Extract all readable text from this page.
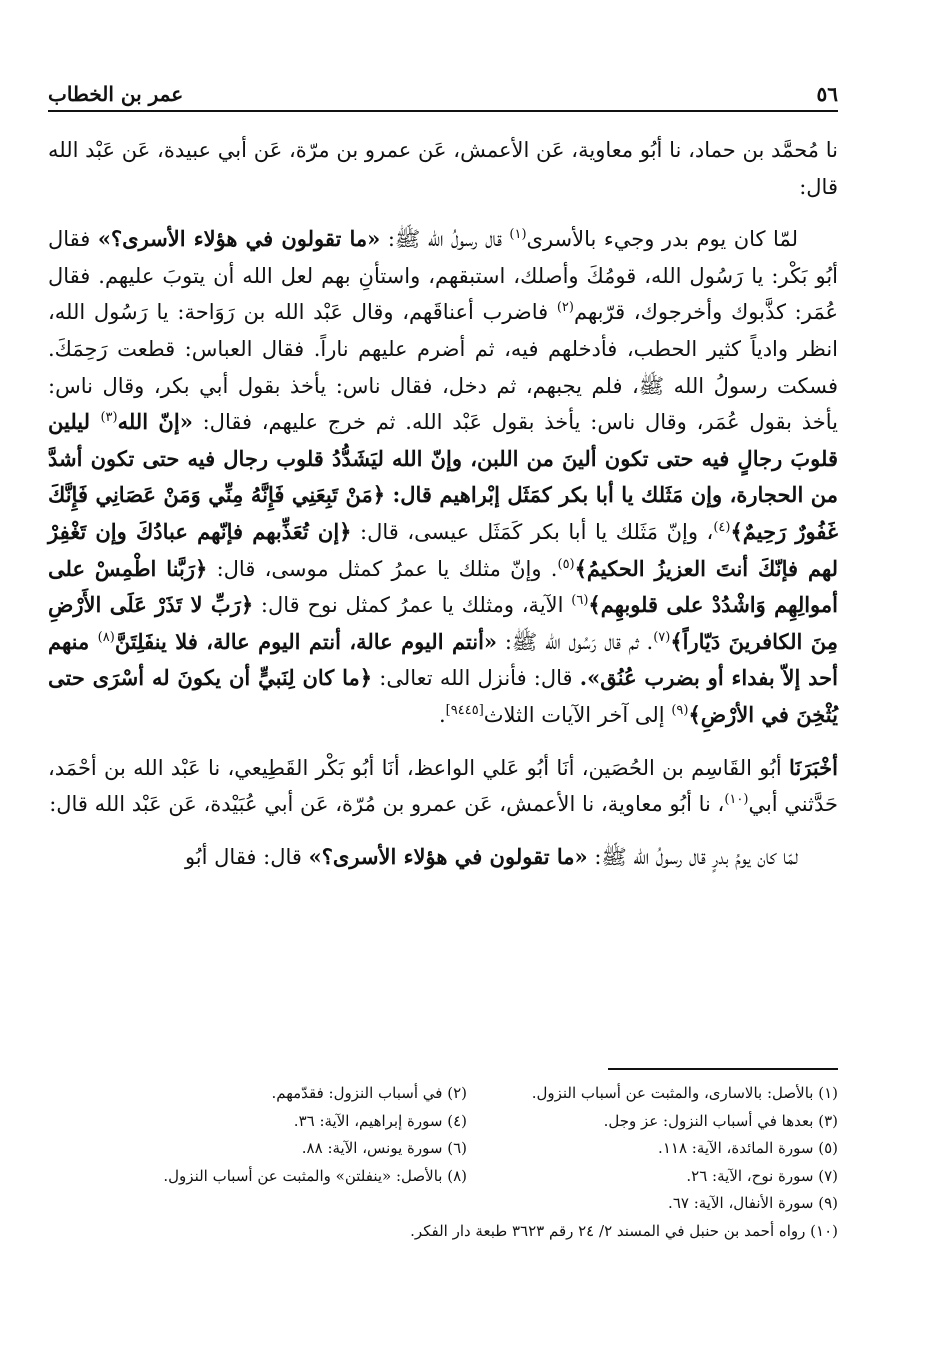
٥٦
عمر بن الخطاب

نا مُحمَّد بن حماد، نا أبُو معاوية، عَن الأعمش، عَن عمرو بن مرّة، عَن أبي عبيدة، عَن عَبْد الله قال:

لمّا كان يوم بدر وجيء بالأسرى$^{(١)}$ قال رسولُ الله ﷺ: «ما تقولون في هؤلاء الأسرى؟» فقال أبُو بَكْر: يا رَسُول الله، قومُكَ وأصلك، استبقهم، واستأنِ بهم لعل الله أن يتوبَ عليهم. فقال عُمَر: كذَّبوك وأخرجوك، قرّبهم$^{(٢)}$ فاضرب أعناقَهم، وقال عَبْد الله بن رَوَاحة: يا رَسُول الله، انظر وادياً كثير الحطب، فأدخلهم فيه، ثم أضرم عليهم ناراً. فقال العباس: قطعت رَحِمَكَ. فسكت رسولُ الله ﷺ، فلم يجبهم، ثم دخل، فقال ناس: يأخذ بقول أبي بكر، وقال ناس: يأخذ بقول عُمَر، وقال ناس: يأخذ بقول عَبْد الله. ثم خرج عليهم، فقال: «إنّ الله$^{(٣)}$ ليلين قلوبَ رجالٍ فيه حتى تكون ألينَ من اللبن، وإنّ الله ليَشَدُّدُ قلوب رجال فيه حتى تكون أشدَّ من الحجارة، وإن مَثَلك يا أبا بكر كمَثَل إبْراهيم قال: ﴿مَنْ تَبِعَنِي فَإِنَّهُ مِنِّي وَمَنْ عَصَانِي فَإِنَّكَ غَفُورٌ رَحِيمٌ﴾$^{(٤)}$، وإنّ مَثَلك يا أبا بكر كَمَثَل عيسى، قال: ﴿إن تُعَذِّبهم فإنّهم عبادُكَ وإن تَغْفِرْ لهم فإنّكَ أنتَ العزيزُ الحكيمُ﴾$^{(٥)}$. وإنّ مثلك يا عمرُ كمثل موسى، قال: ﴿رَبَّنا اطْمِسْ على أموالِهِم وَاشْدُدْ على قلوبهِم﴾$^{(٦)}$ الآية، ومثلك يا عمرُ كمثل نوح قال: ﴿رَبِّ لا تَذَرْ عَلَى الأَرْضِ مِنَ الكافرينَ دَيّاراً﴾$^{(٧)}$. ثم قال رَسُول الله ﷺ: «أنتم اليوم عالة، أنتم اليوم عالة، فلا ينفَلِتَنَّ$^{(٨)}$ منهم أحد إلاّ بفداء أو بضرب عُنُق». قال: فأنزل الله تعالى: ﴿ما كان لِنَبيٍّ أن يكونَ له أسْرَى حتى يُثْخِنَ في الأرْضِ﴾$^{(٩)}$ إلى آخر الآيات الثلاث[٩٤٤٥].

أخْبَرَنَا أبُو القَاسِم بن الحُصَين، أنَا أبُو عَلي الواعظ، أنَا أبُو بَكْر القَطِيعي، نا عَبْد الله بن أحْمَد، حَدَّثني أبي$^{(١٠)}$، نا أبُو معاوية، نا الأعمش، عَن عمرو بن مُرّة، عَن أبي عُبَيْدة، عَن عَبْد الله قال:

لمّا كان يومُ بدرٍ قال رسولُ الله ﷺ: «ما تقولون في هؤلاء الأسرى؟» قال: فقال أبُو

(١) بالأصل: بالاسارى، والمثبت عن أسباب النزول.
(٢) في أسباب النزول: فقدّمهم.
(٣) بعدها في أسباب النزول: عز وجل.
(٤) سورة إبراهيم، الآية: ٣٦.
(٥) سورة المائدة، الآية: ١١٨.
(٦) سورة يونس، الآية: ٨٨.
(٧) سورة نوح، الآية: ٢٦.
(٨) بالأصل: «ينفلتن» والمثبت عن أسباب النزول.
(٩) سورة الأنفال، الآية: ٦٧.
(١٠) رواه أحمد بن حنبل في المسند ٢/ ٢٤ رقم ٣٦٢٣ طبعة دار الفكر.
